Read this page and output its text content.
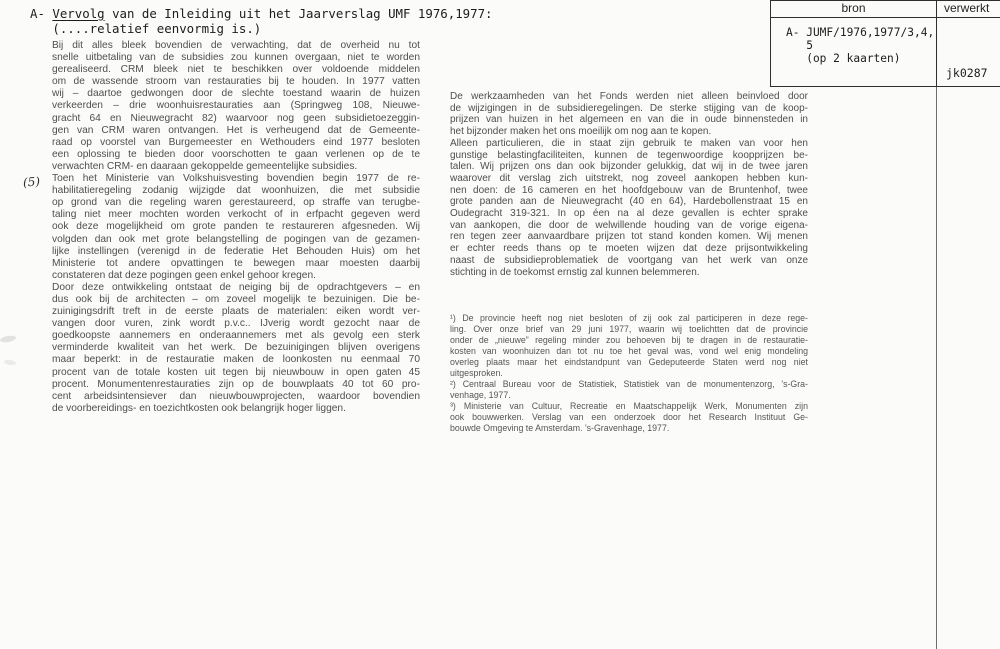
A- Vervolg van de Inleiding uit het Jaarverslag UMF 1976,1977:
(....relatief eenvormig is.)
(5)
Bij dit alles bleek bovendien de verwachting, dat de overheid nu tot
snelle uitbetaling van de subsidies zou kunnen overgaan, niet te worden
gerealiseerd. CRM bleek niet te beschikken over voldoende middelen
om de wassende stroom van restauraties bij te houden. In 1977 vatten
wij – daartoe gedwongen door de slechte toestand waarin de huizen
verkeerden – drie woonhuisrestauraties aan (Springweg 108, Nieuwe-
gracht 64 en Nieuwegracht 82) waarvoor nog geen subsidietoezeggin-
gen van CRM waren ontvangen. Het is verheugend dat de Gemeente-
raad op voorstel van Burgemeester en Wethouders eind 1977 besloten
een oplossing te bieden door voorschotten te gaan verlenen op de te
verwachten CRM- en daaraan gekoppelde gemeentelijke subsidies.
Toen het Ministerie van Volkshuisvesting bovendien begin 1977 de re-
habilitatieregeling zodanig wijzigde dat woonhuizen, die met subsidie
op grond van die regeling waren gerestaureerd, op straffe van terugbe-
taling niet meer mochten worden verkocht of in erfpacht gegeven werd
ook deze mogelijkheid om grote panden te restaureren afgesneden. Wij
volgden dan ook met grote belangstelling de pogingen van de gezamen-
lijke instellingen (verenigd in de federatie Het Behouden Huis) om het
Ministerie tot andere opvattingen te bewegen maar moesten daarbij
constateren dat deze pogingen geen enkel gehoor kregen.
Door deze ontwikkeling ontstaat de neiging bij de opdrachtgevers – en
dus ook bij de architecten – om zoveel mogelijk te bezuinigen. Die be-
zuinigingsdrift treft in de eerste plaats de materialen: eiken wordt ver-
vangen door vuren, zink wordt p.v.c.. IJverig wordt gezocht naar de
goedkoopste aannemers en onderaannemers met als gevolg een sterk
verminderde kwaliteit van het werk. De bezuinigingen blijven overigens
maar beperkt: in de restauratie maken de loonkosten nu eenmaal 70
procent van de totale kosten uit tegen bij nieuwbouw in open gaten 45
procent. Monumentenrestauraties zijn op de bouwplaats 40 tot 60 pro-
cent arbeidsintensiever dan nieuwbouwprojecten, waardoor bovendien
de voorbereidings- en toezichtkosten ook belangrijk hoger liggen.
De werkzaamheden van het Fonds werden niet alleen beinvloed door
de wijzigingen in de subsidieregelingen. De sterke stijging van de koop-
prijzen van huizen in het algemeen en van die in oude binnensteden in
het bijzonder maken het ons moeilijk om nog aan te kopen.
Alleen particulieren, die in staat zijn gebruik te maken van voor hen
gunstige belastingfaciliteiten, kunnen de tegenwoordige koopprijzen be-
talen. Wij prijzen ons dan ook bijzonder gelukkig, dat wij in de twee jaren
waarover dit verslag zich uitstrekt, nog zoveel aankopen hebben kun-
nen doen: de 16 cameren en het hoofdgebouw van de Bruntenhof, twee
grote panden aan de Nieuwegracht (40 en 64), Hardebollenstraat 15 en
Oudegracht 319-321. In op éen na al deze gevallen is echter sprake
van aankopen, die door de welwillende houding van de vorige eigena-
ren tegen zeer aanvaardbare prijzen tot stand konden komen. Wij menen
er echter reeds thans op te moeten wijzen dat deze prijsontwikkeling
naast de subsidieproblematiek de voortgang van het werk van onze
stichting in de toekomst ernstig zal kunnen belemmeren.
¹) De provincie heeft nog niet besloten of zij ook zal participeren in deze rege-
ling. Over onze brief van 29 juni 1977, waarin wij toelichtten dat de provincie
onder de „nieuwe” regeling minder zou behoeven bij te dragen in de restauratie-
kosten van woonhuizen dan tot nu toe het geval was, vond wel enig mondeling
overleg plaats maar het eindstandpunt van Gedeputeerde Staten werd nog niet
uitgesproken.
²) Centraal Bureau voor de Statistiek, Statistiek van de monumentenzorg, 's-Gra-
venhage, 1977.
³) Ministerie van Cultuur, Recreatie en Maatschappelijk Werk, Monumenten zijn
ook bouwwerken. Verslag van een onderzoek door het Research Instituut Ge-
bouwde Omgeving te Amsterdam. 's-Gravenhage, 1977.
bron	verwerkt
A- JUMF/1976,1977/3,4,
5
(op 2 kaarten)
jk0287
